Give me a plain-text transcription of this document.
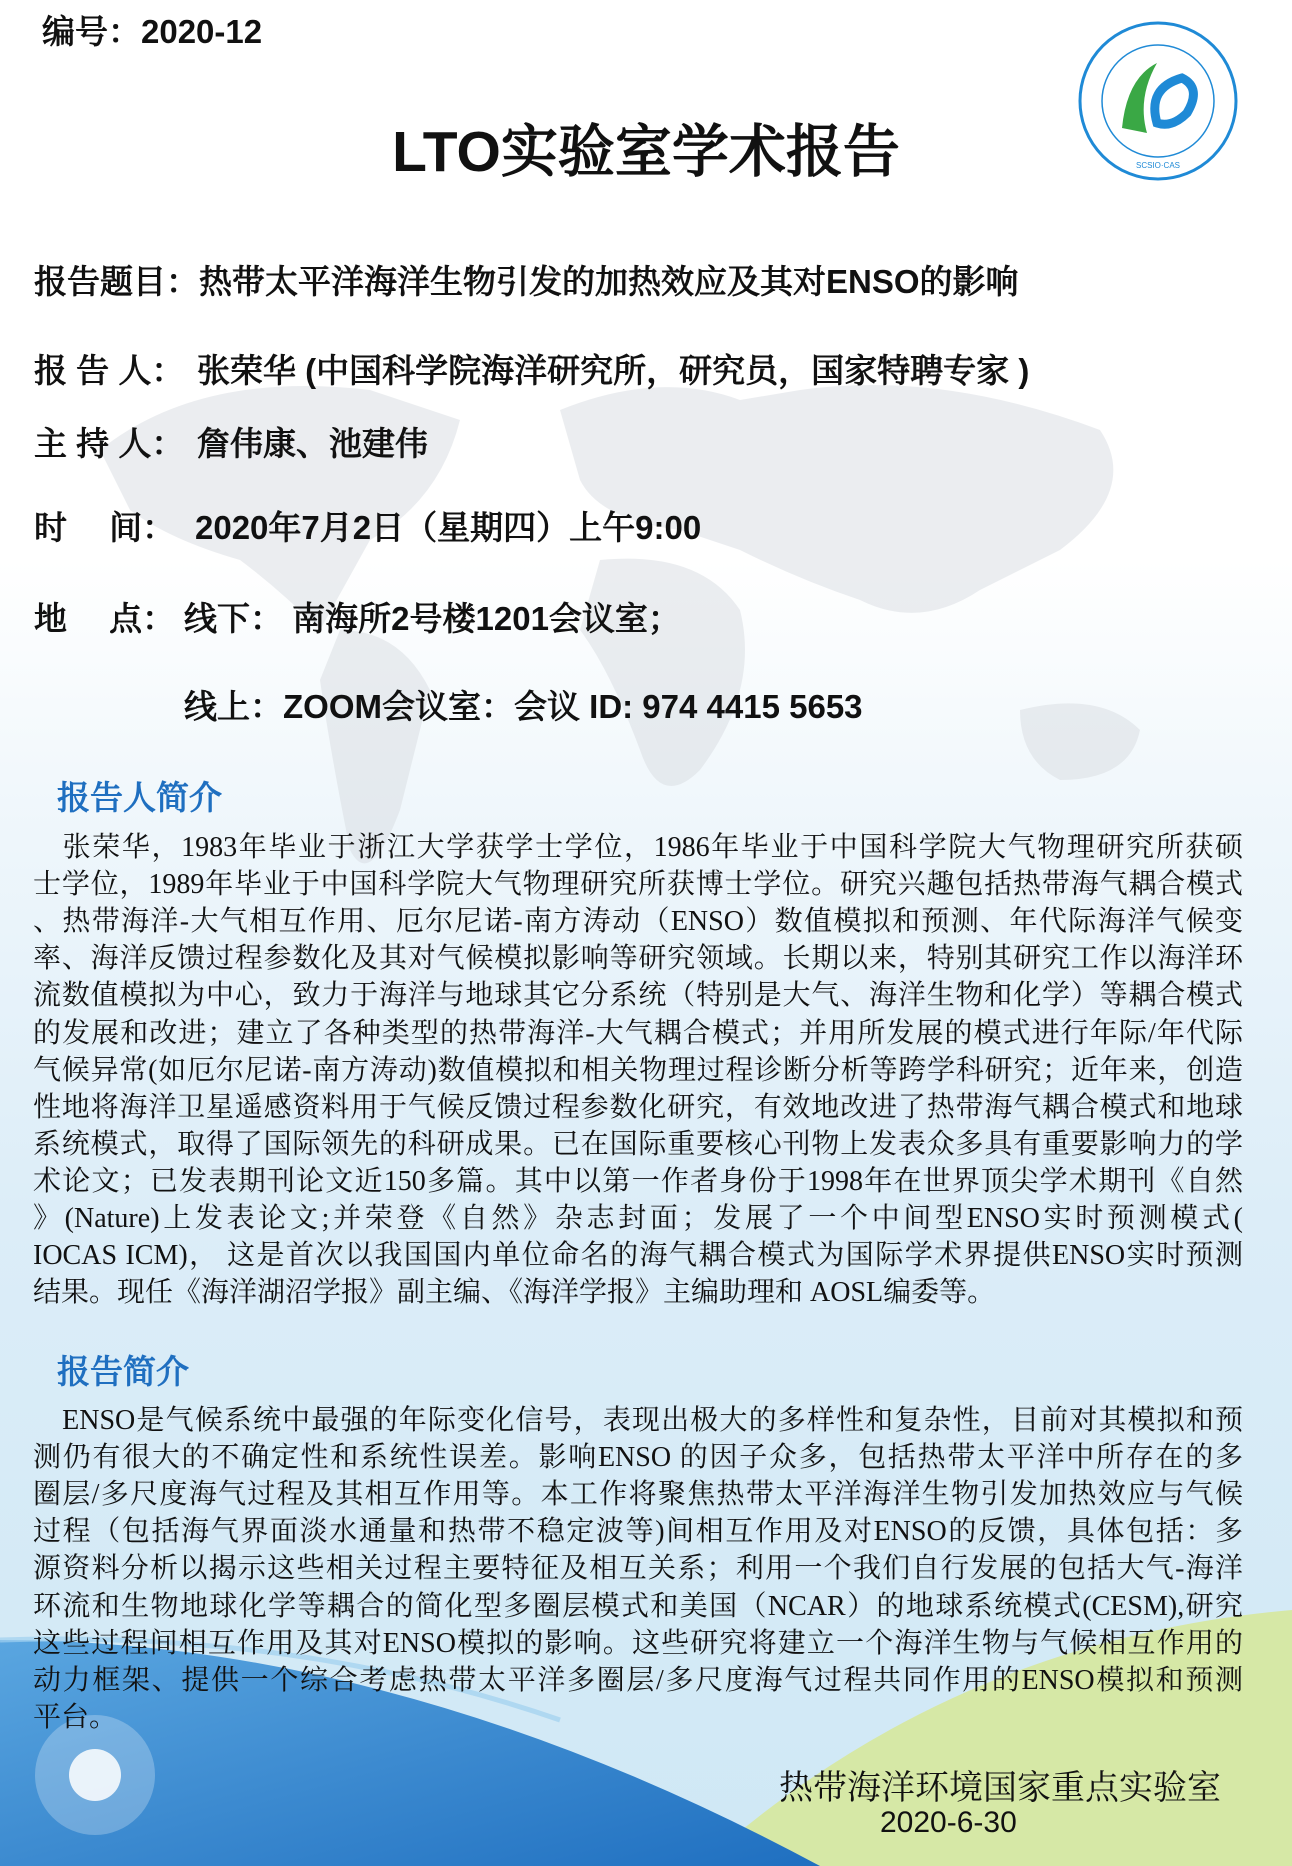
编号：2020-12
SCSIO·CAS
LTO实验室学术报告
报告题目：热带太平洋海洋生物引发的加热效应及其对ENSO的影响
报 告 人： 张荣华 (中国科学院海洋研究所，研究员，国家特聘专家 )
主 持 人： 詹伟康、池建伟
时　 间： 2020年7月2日（星期四）上午9:00
地　 点： 线下： 南海所2号楼1201会议室；
线上：ZOOM会议室：会议 ID: 974 4415 5653
报告人简介
　张荣华，1983年毕业于浙江大学获学士学位，1986年毕业于中国科学院大气物理研究所获硕
士学位，1989年毕业于中国科学院大气物理研究所获博士学位。研究兴趣包括热带海气耦合模式
、热带海洋-大气相互作用、厄尔尼诺-南方涛动（ENSO）数值模拟和预测、年代际海洋气候变
率、海洋反馈过程参数化及其对气候模拟影响等研究领域。长期以来，特别其研究工作以海洋环
流数值模拟为中心，致力于海洋与地球其它分系统（特别是大气、海洋生物和化学）等耦合模式
的发展和改进；建立了各种类型的热带海洋-大气耦合模式；并用所发展的模式进行年际/年代际
气候异常(如厄尔尼诺-南方涛动)数值模拟和相关物理过程诊断分析等跨学科研究；近年来，创造
性地将海洋卫星遥感资料用于气候反馈过程参数化研究，有效地改进了热带海气耦合模式和地球
系统模式，取得了国际领先的科研成果。已在国际重要核心刊物上发表众多具有重要影响力的学
术论文；已发表期刊论文近150多篇。其中以第一作者身份于1998年在世界顶尖学术期刊《自然
》(Nature)上发表论文;并荣登《自然》杂志封面；发展了一个中间型ENSO实时预测模式(
IOCAS ICM)， 这是首次以我国国内单位命名的海气耦合模式为国际学术界提供ENSO实时预测
结果。现任《海洋湖沼学报》副主编、《海洋学报》主编助理和 AOSL编委等。
报告简介
　ENSO是气候系统中最强的年际变化信号，表现出极大的多样性和复杂性，目前对其模拟和预
测仍有很大的不确定性和系统性误差。影响ENSO 的因子众多，包括热带太平洋中所存在的多
圈层/多尺度海气过程及其相互作用等。本工作将聚焦热带太平洋海洋生物引发加热效应与气候
过程（包括海气界面淡水通量和热带不稳定波等)间相互作用及对ENSO的反馈，具体包括：多
源资料分析以揭示这些相关过程主要特征及相互关系；利用一个我们自行发展的包括大气-海洋
环流和生物地球化学等耦合的简化型多圈层模式和美国（NCAR）的地球系统模式(CESM),研究
这些过程间相互作用及其对ENSO模拟的影响。这些研究将建立一个海洋生物与气候相互作用的
动力框架、提供一个综合考虑热带太平洋多圈层/多尺度海气过程共同作用的ENSO模拟和预测
平台。
热带海洋环境国家重点实验室
2020-6-30
